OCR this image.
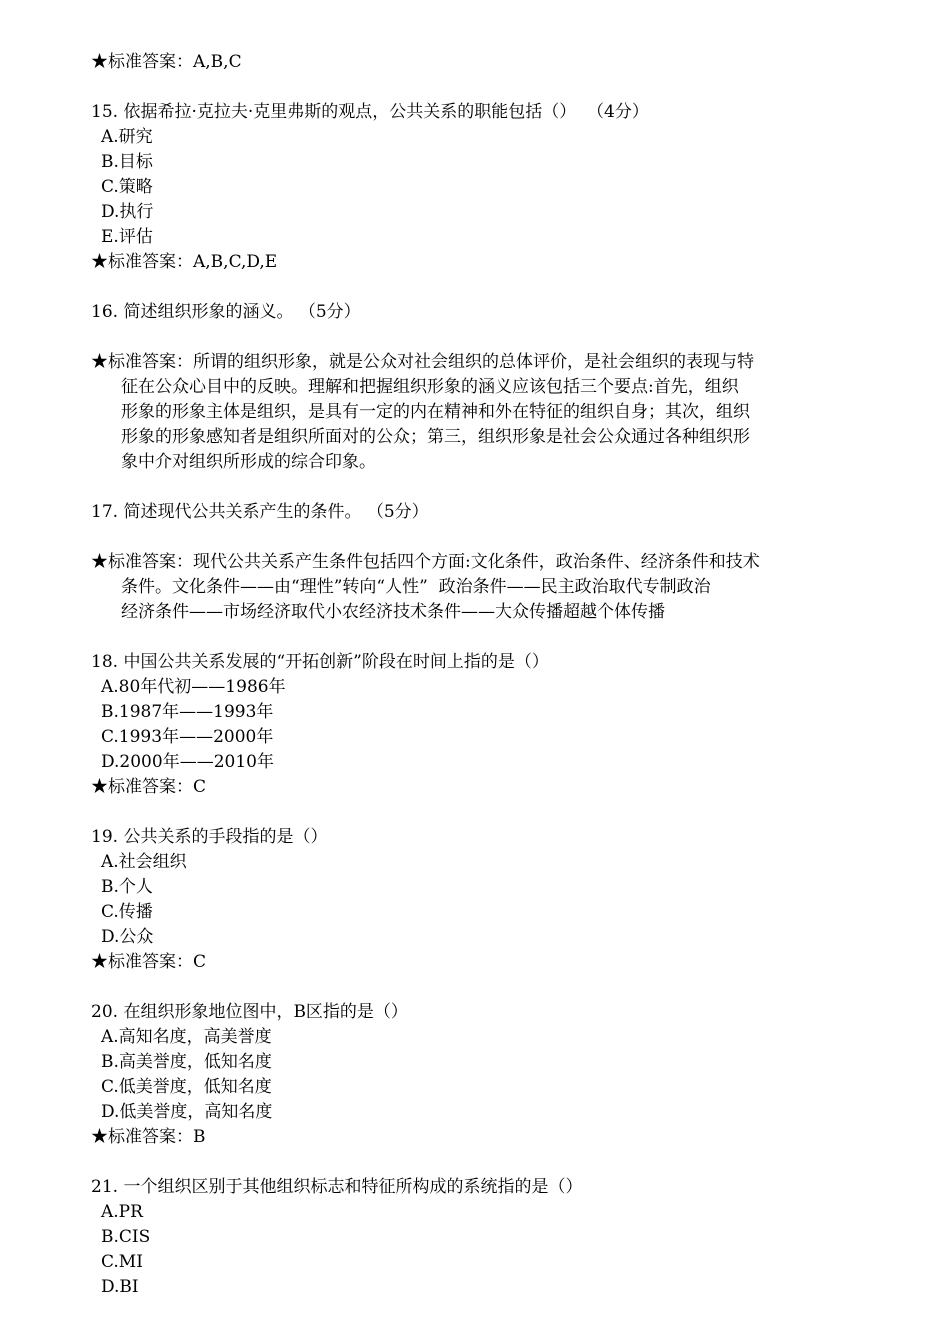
★标准答案：A,B,C
15. 依据希拉·克拉夫·克里弗斯的观点，公共关系的职能包括（）  （4分）
A.研究
B.目标
C.策略
D.执行
E.评估
★标准答案：A,B,C,D,E
16. 简述组织形象的涵义。 （5分）
★标准答案：所谓的组织形象，就是公众对社会组织的总体评价，是社会组织的表现与特
征在公众心目中的反映。理解和把握组织形象的涵义应该包括三个要点:首先，组织
形象的形象主体是组织，是具有一定的内在精神和外在特征的组织自身；其次，组织
形象的形象感知者是组织所面对的公众；第三，组织形象是社会公众通过各种组织形
象中介对组织所形成的综合印象。
17. 简述现代公共关系产生的条件。 （5分）
★标准答案：现代公共关系产生条件包括四个方面:文化条件，政治条件、经济条件和技术
条件。文化条件——由“理性”转向“人性”  政治条件——民主政治取代专制政治
经济条件——市场经济取代小农经济技术条件——大众传播超越个体传播
18. 中国公共关系发展的“开拓创新”阶段在时间上指的是（）
A.80年代初——1986年
B.1987年——1993年
C.1993年——2000年
D.2000年——2010年
★标准答案：C
19. 公共关系的手段指的是（）
A.社会组织
B.个人
C.传播
D.公众
★标准答案：C
20. 在组织形象地位图中，B区指的是（）
A.高知名度，高美誉度
B.高美誉度，低知名度
C.低美誉度，低知名度
D.低美誉度，高知名度
★标准答案：B
21. 一个组织区别于其他组织标志和特征所构成的系统指的是（）
A.PR
B.CIS
C.MI
D.BI
